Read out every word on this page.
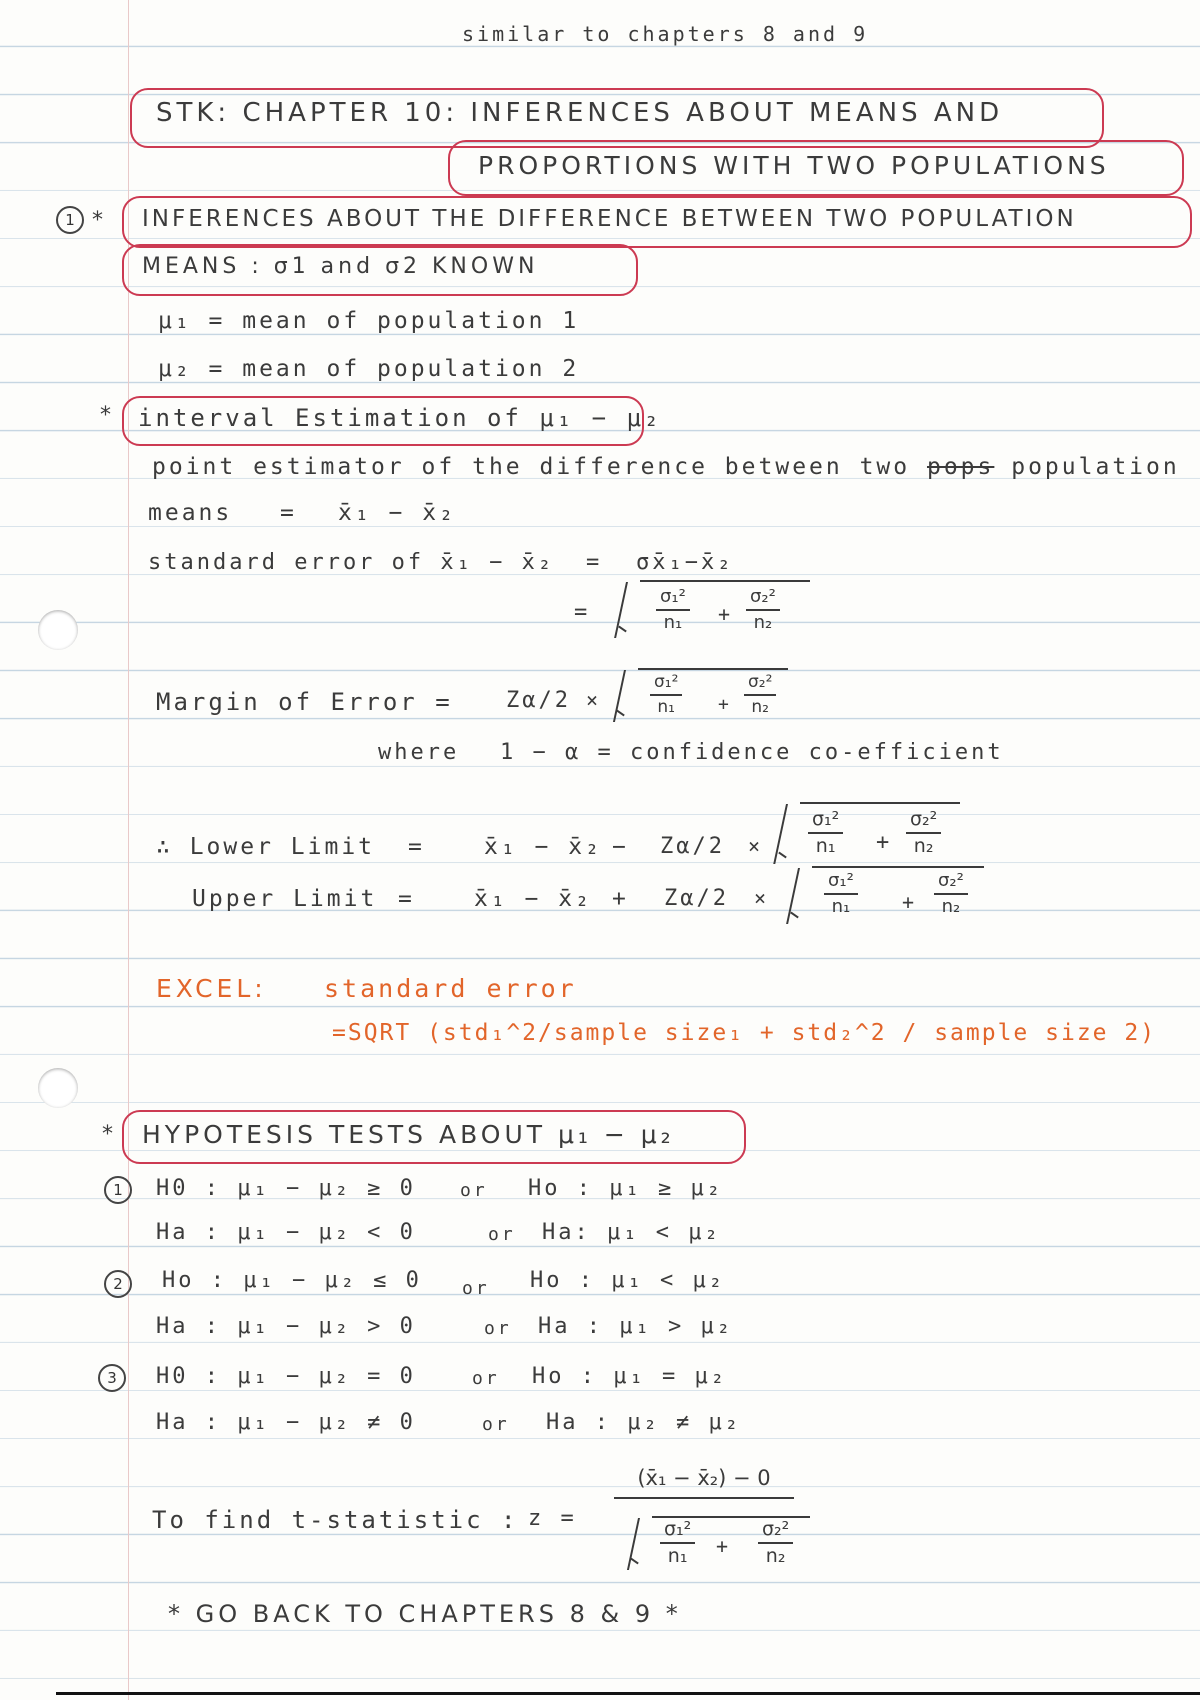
similar to chapters 8 and 9
STK: CHAPTER 10: INFERENCES ABOUT MEANS AND
PROPORTIONS WITH TWO POPULATIONS
1 * INFERENCES ABOUT THE DIFFERENCE BETWEEN TWO POPULATION
MEANS : σ1 and σ2 KNOWN
μ₁ = mean of population 1
μ₂ = mean of population 2
* interval Estimation of μ₁ − μ₂
point estimator of the difference between two pops population
means = x̄₁ − x̄₂
standard error of x̄₁ − x̄₂ = σx̄₁−x̄₂
=
σ₁²
n₁ +
σ₂²
n₂
Margin of Error = Zα/2 ×
σ₁²
n₁ +
σ₂²
n₂
where 1 − α = confidence co-efficient
∴ Lower Limit =	x̄₁ − x̄₂ − Zα/2 ×
σ₁²
n₁ +
σ₂²
n₂
Upper Limit =	x̄₁ − x̄₂ + Zα/2 ×
σ₁²
n₁	+
σ₂²
n₂
EXCEL: standard error
=SQRT (std₁^2/sample size₁ + std₂^2 / sample size 2)
* HYPOTESIS TESTS ABOUT μ₁ − μ₂
1	H0 : μ₁ − μ₂ ≥ 0 or Ho : μ₁ ≥ μ₂
Ha : μ₁ − μ₂ < 0	or Ha: μ₁ < μ₂
2	Ho : μ₁ − μ₂ ≤ 0 or Ho : μ₁ < μ₂
Ha : μ₁ − μ₂ > 0	or Ha : μ₁ > μ₂
3	H0 : μ₁ − μ₂ = 0	or Ho : μ₁ = μ₂
Ha : μ₁ − μ₂ ≠ 0	or Ha : μ₂ ≠ μ₂
To find t-statistic : z =
(x̄₁ − x̄₂) − 0
σ₁²
n₁ +
σ₂²
n₂
* GO BACK TO CHAPTERS 8 & 9 *
